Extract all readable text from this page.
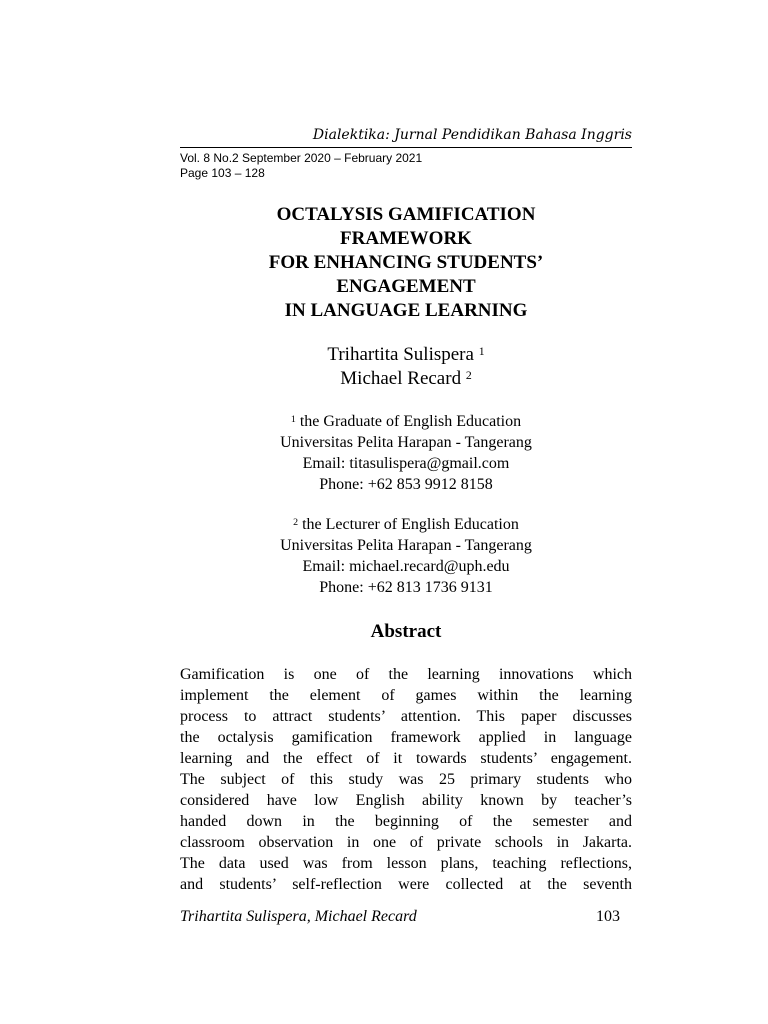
Dialektika: Jurnal Pendidikan Bahasa Inggris
Vol. 8 No.2 September 2020 – February 2021
Page 103 – 128
OCTALYSIS GAMIFICATION
FRAMEWORK
FOR ENHANCING STUDENTS’
ENGAGEMENT
IN LANGUAGE LEARNING
Trihartita Sulispera $^1$
Michael Recard $^2$
$^1$ the Graduate of English Education
Universitas Pelita Harapan - Tangerang
Email: titasulispera@gmail.com
Phone: +62 853 9912 8158
$^2$ the Lecturer of English Education
Universitas Pelita Harapan - Tangerang
Email: michael.recard@uph.edu
Phone: +62 813 1736 9131
Abstract
Gamification is one of the learning innovations which
implement the element of games within the learning
process to attract students’ attention. This paper discusses
the octalysis gamification framework applied in language
learning and the effect of it towards students’ engagement.
The subject of this study was 25 primary students who
considered have low English ability known by teacher’s
handed down in the beginning of the semester and
classroom observation in one of private schools in Jakarta.
The data used was from lesson plans, teaching reflections,
and students’ self-reflection were collected at the seventh
Trihartita Sulispera, Michael Recard	103
